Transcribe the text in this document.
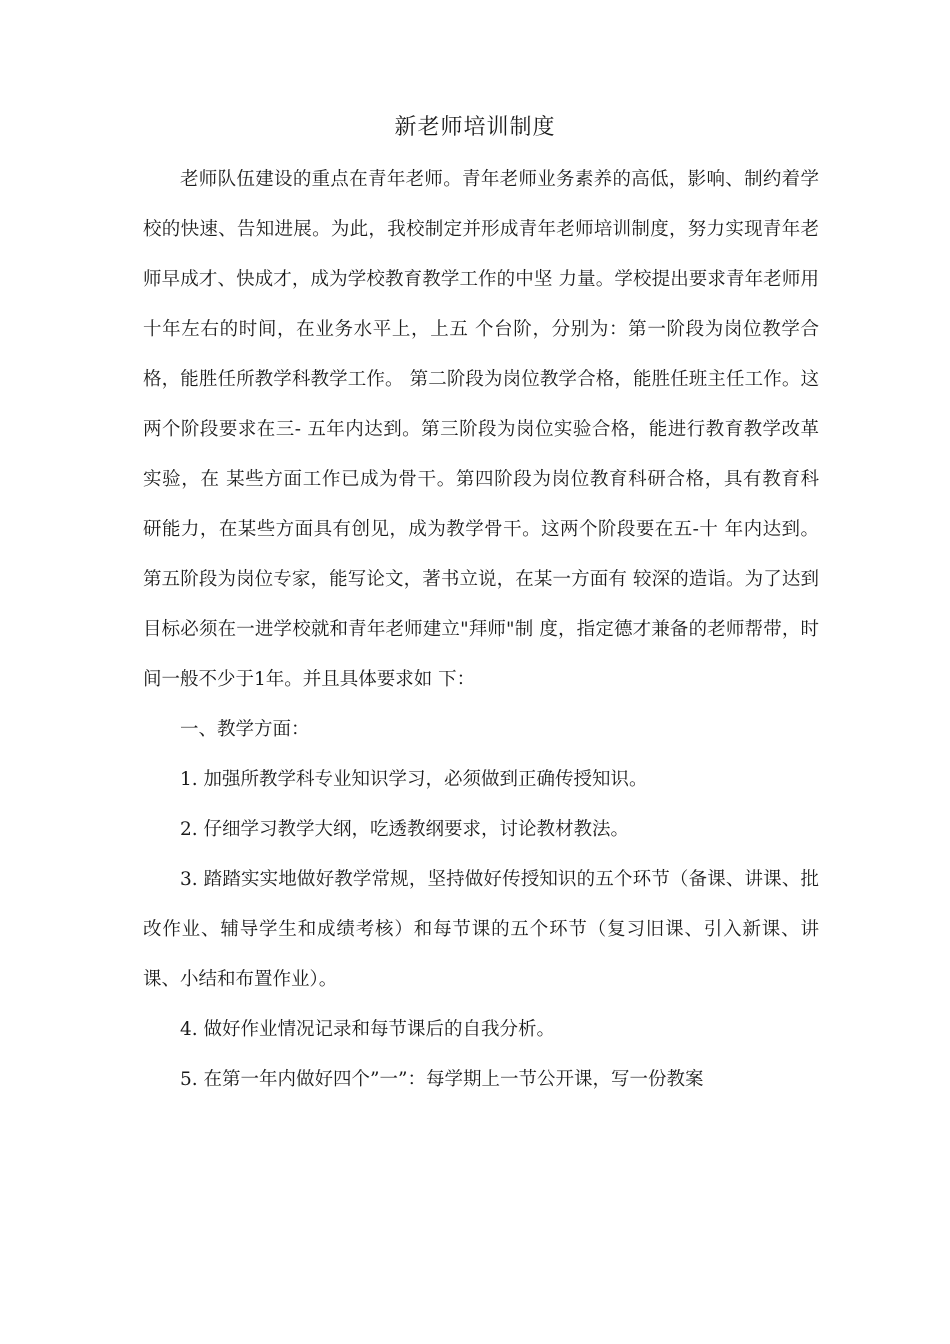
新老师培训制度

老师队伍建设的重点在青年老师。青年老师业务素养的高低，影响、制约着学校的快速、告知进展。为此，我校制定并形成青年老师培训制度，努力实现青年老师早成才、快成才，成为学校教育教学工作的中坚 力量。学校提出要求青年老师用十年左右的时间，在业务水平上，上五 个台阶，分别为：第一阶段为岗位教学合格，能胜任所教学科教学工作。 第二阶段为岗位教学合格，能胜任班主任工作。这两个阶段要求在三- 五年内达到。第三阶段为岗位实验合格，能进行教育教学改革实验，在 某些方面工作已成为骨干。第四阶段为岗位教育科研合格，具有教育科 研能力，在某些方面具有创见，成为教学骨干。这两个阶段要在五-十 年内达到。第五阶段为岗位专家，能写论文，著书立说，在某一方面有 较深的造诣。为了达到目标必须在一进学校就和青年老师建立"拜师"制 度，指定德才兼备的老师帮带，时间一般不少于1年。并且具体要求如 下：

一、教学方面：

1. 加强所教学科专业知识学习，必须做到正确传授知识。

2. 仔细学习教学大纲，吃透教纲要求，讨论教材教法。

3. 踏踏实实地做好教学常规，坚持做好传授知识的五个环节（备课、讲课、批改作业、辅导学生和成绩考核）和每节课的五个环节（复习旧课、引入新课、讲课、小结和布置作业）。

4. 做好作业情况记录和每节课后的自我分析。

5. 在第一年内做好四个”一”：每学期上一节公开课，写一份教案
